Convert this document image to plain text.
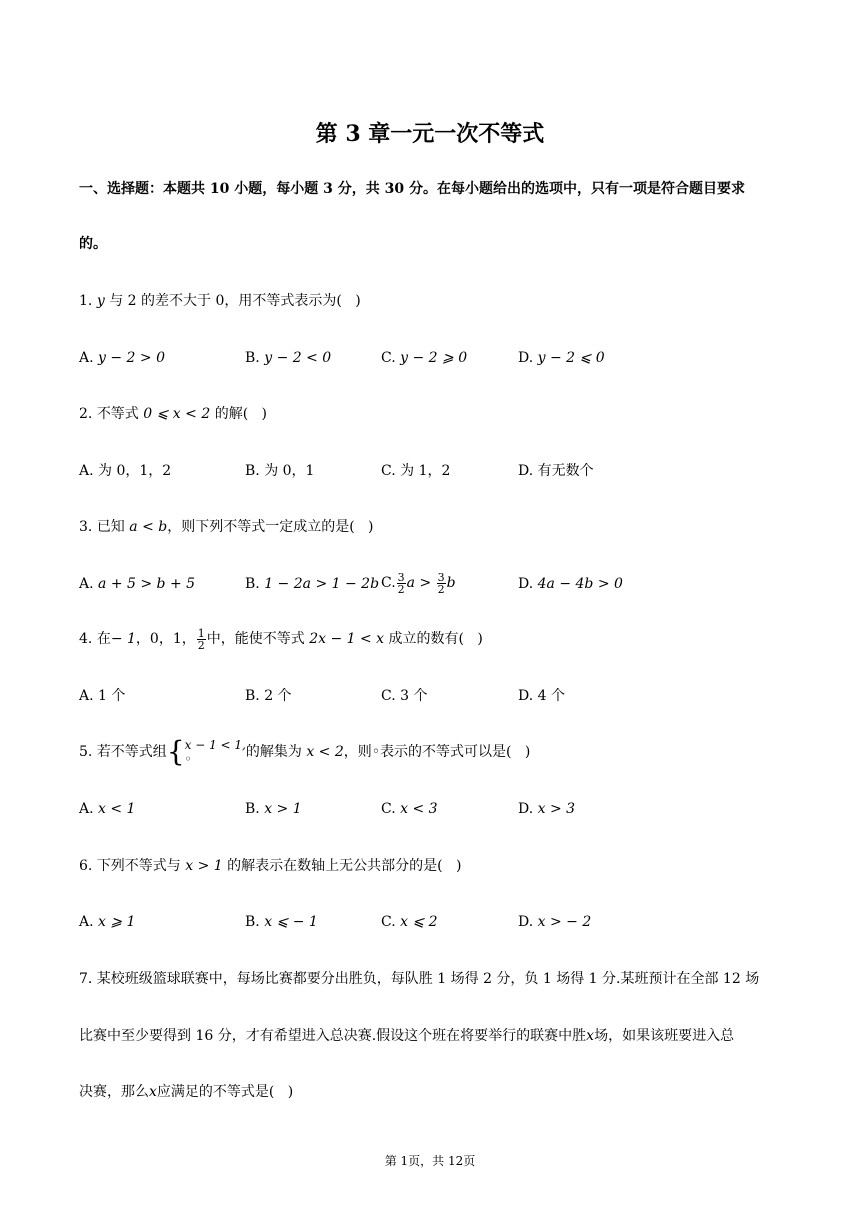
第 3 章一元一次不等式
一、选择题：本题共 10 小题，每小题 3 分，共 30 分。在每小题给出的选项中，只有一项是符合题目要求
的。
1. y 与 2 的差不大于 0，用不等式表示为( )
A. y − 2 > 0	B. y − 2 < 0	C. y − 2 ⩾ 0	D. y − 2 ⩽ 0
2. 不等式 0 ⩽ x < 2 的解( )
A. 为 0，1，2	B. 为 0，1	C. 为 1，2	D. 有无数个
3. 已知 a < b，则下列不等式一定成立的是( )
A. a + 5 > b + 5	B. 1 − 2a > 1 − 2b C. $\frac{3}{2}$ $a > \frac{3}{2}$ b	D. 4a − 4b > 0
4. 在− 1，0，1， $\frac{1}{2}$ 中，能使不等式 2x − 1 < x 成立的数有( )
A. 1 个	B. 2 个	C. 3 个	D. 4 个
5. 若不等式组{ x − 1 < 1,
◦	的解集为 x < 2，则◦表示的不等式可以是( )
A. x < 1	B. x > 1	C. x < 3	D. x > 3
6. 下列不等式与 x > 1 的解表示在数轴上无公共部分的是( )
A. x ⩾ 1	B. x ⩽ − 1	C. x ⩽ 2	D. x > − 2
7. 某校班级篮球联赛中，每场比赛都要分出胜负，每队胜 1 场得 2 分，负 1 场得 1 分.某班预计在全部 12 场
比赛中至少要得到 16 分，才有希望进入总决赛.假设这个班在将要举行的联赛中胜x场，如果该班要进入总
决赛，那么x应满足的不等式是( )
第 1页，共 12页
